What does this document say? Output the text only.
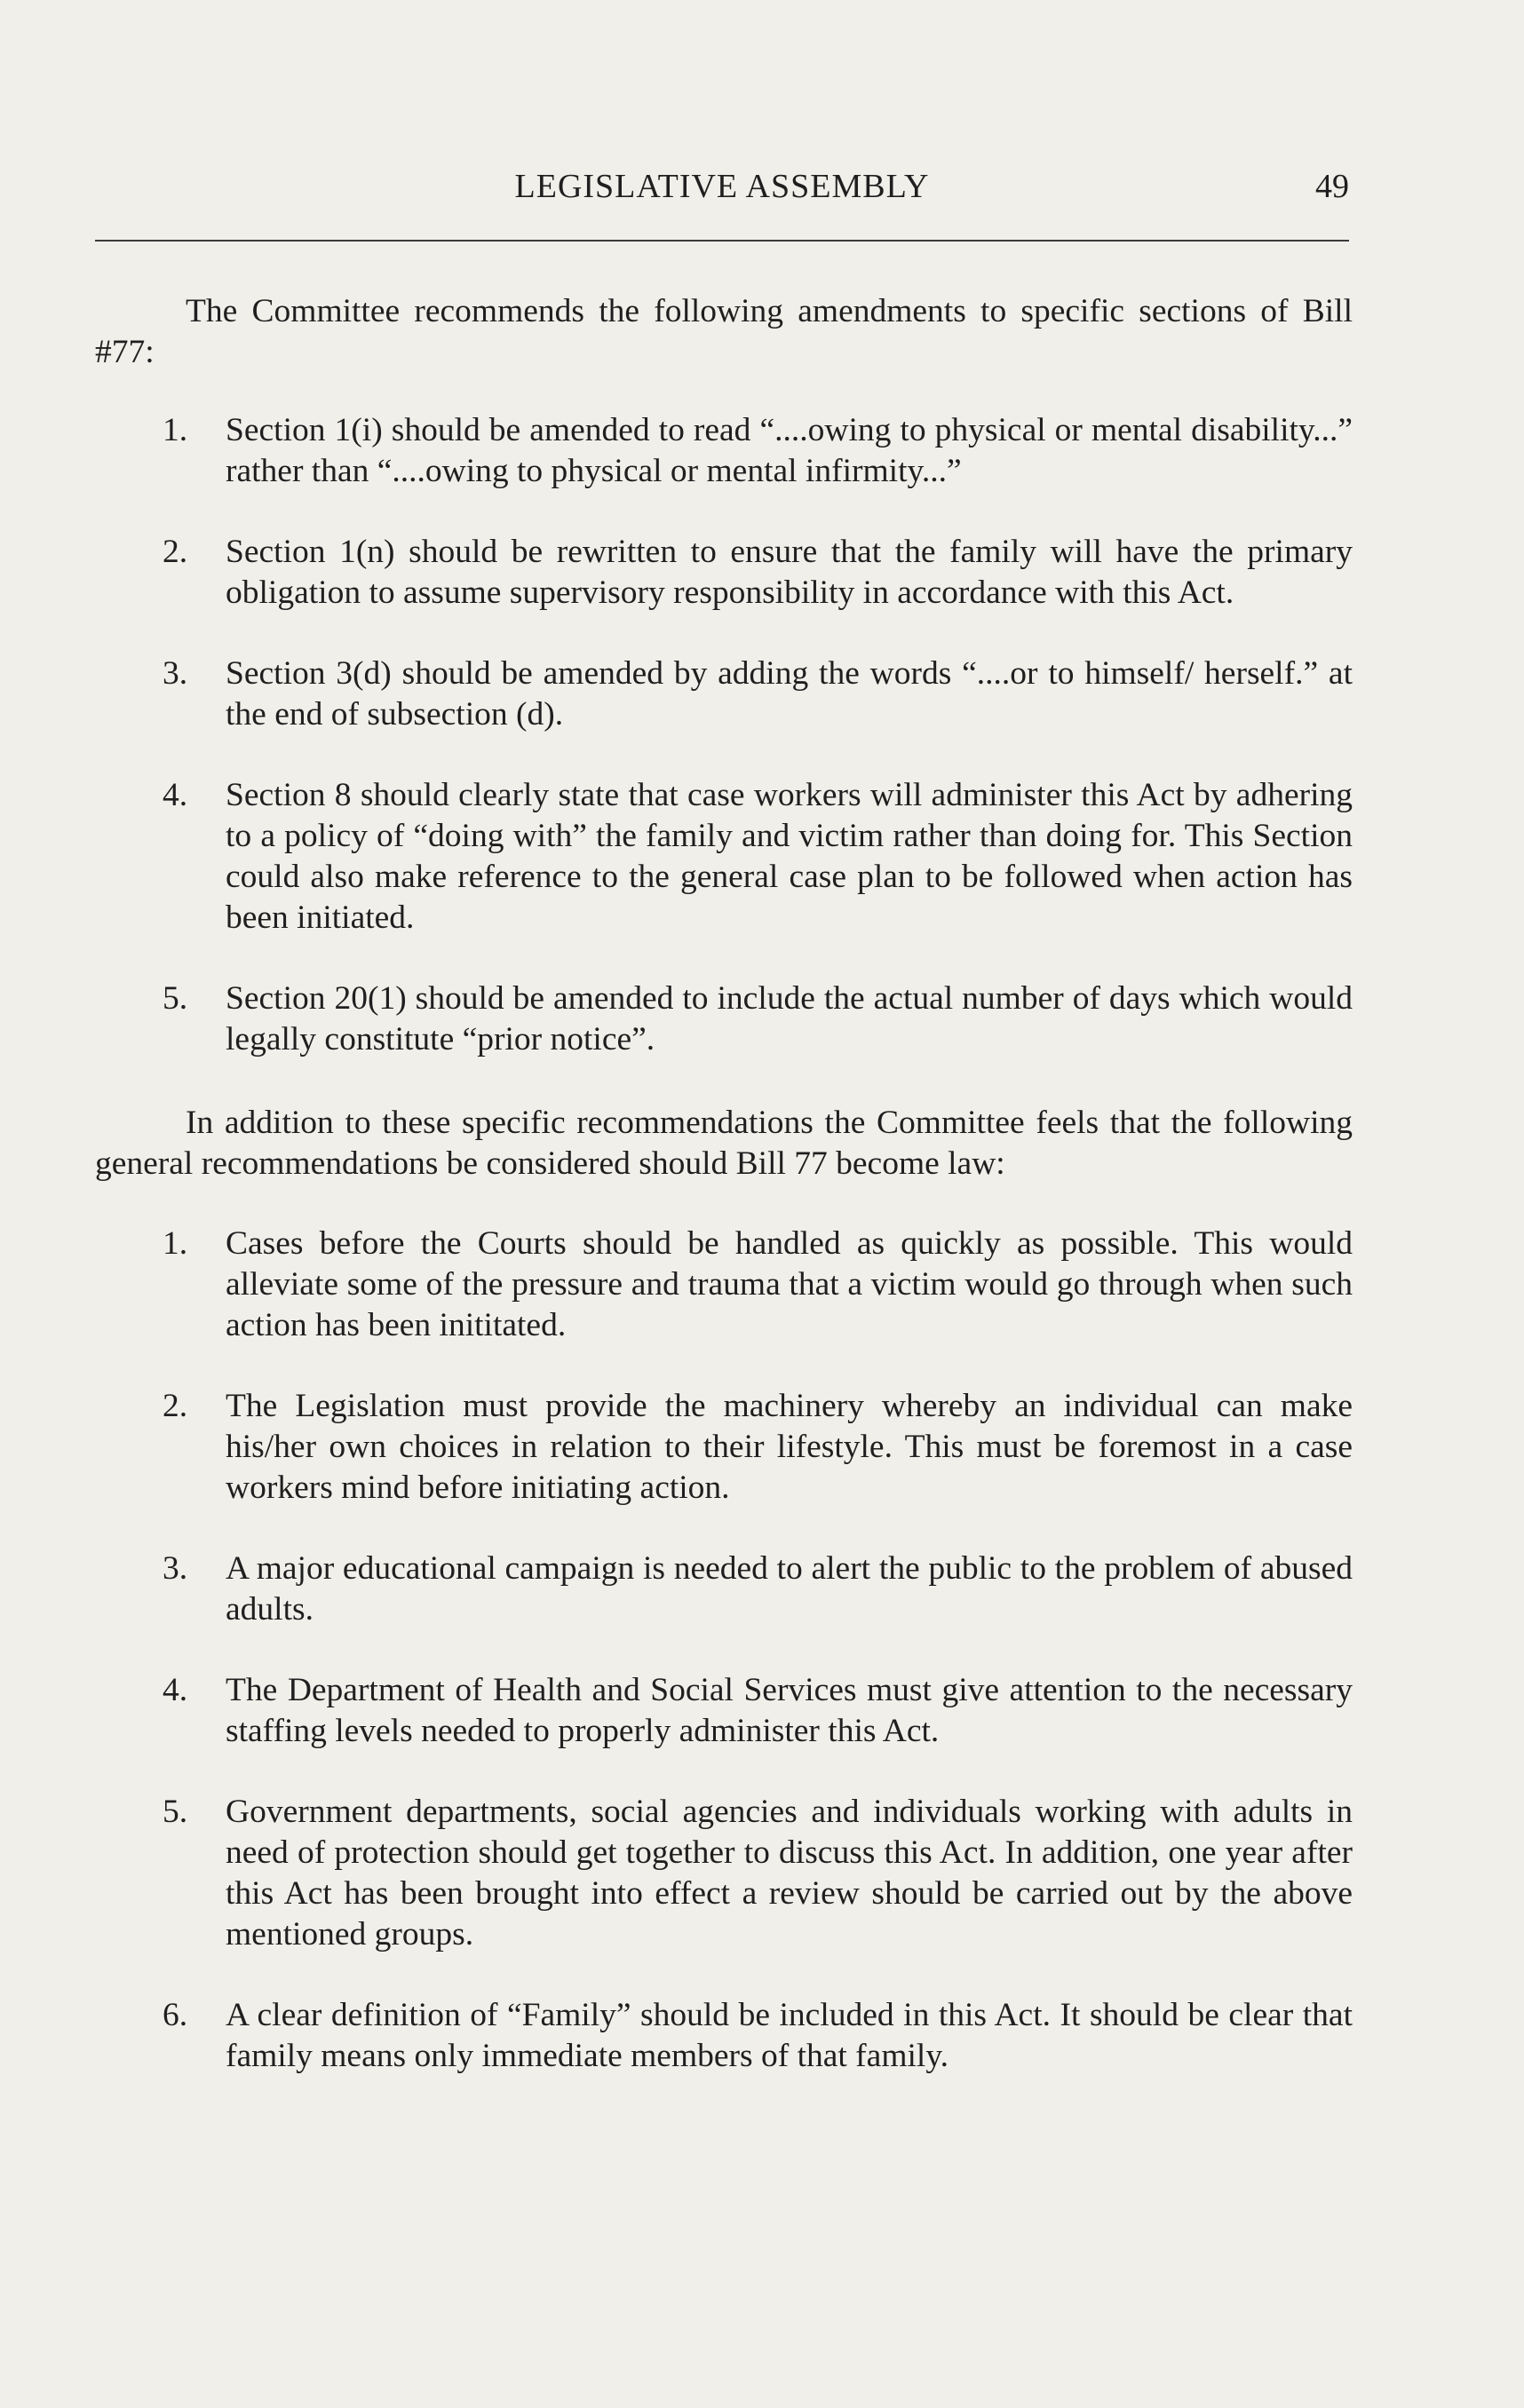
LEGISLATIVE ASSEMBLY	49

The Committee recommends the following amendments to specific sections of Bill #77:

1. Section 1(i) should be amended to read “....owing to physical or mental disability...” rather than “....owing to physical or mental infirmity...”
2. Section 1(n) should be rewritten to ensure that the family will have the primary obligation to assume supervisory responsibility in accordance with this Act.
3. Section 3(d) should be amended by adding the words “....or to himself/ herself.” at the end of subsection (d).
4. Section 8 should clearly state that case workers will administer this Act by adhering to a policy of “doing with” the family and victim rather than doing for. This Section could also make reference to the general case plan to be followed when action has been initiated.
5. Section 20(1) should be amended to include the actual number of days which would legally constitute “prior notice”.

In addition to these specific recommendations the Committee feels that the following general recommendations be considered should Bill 77 become law:

1. Cases before the Courts should be handled as quickly as possible. This would alleviate some of the pressure and trauma that a victim would go through when such action has been inititated.
2. The Legislation must provide the machinery whereby an individual can make his/her own choices in relation to their lifestyle. This must be foremost in a case workers mind before initiating action.
3. A major educational campaign is needed to alert the public to the problem of abused adults.
4. The Department of Health and Social Services must give attention to the necessary staffing levels needed to properly administer this Act.
5. Government departments, social agencies and individuals working with adults in need of protection should get together to discuss this Act. In addition, one year after this Act has been brought into effect a review should be carried out by the above mentioned groups.
6. A clear definition of “Family” should be included in this Act. It should be clear that family means only immediate members of that family.
